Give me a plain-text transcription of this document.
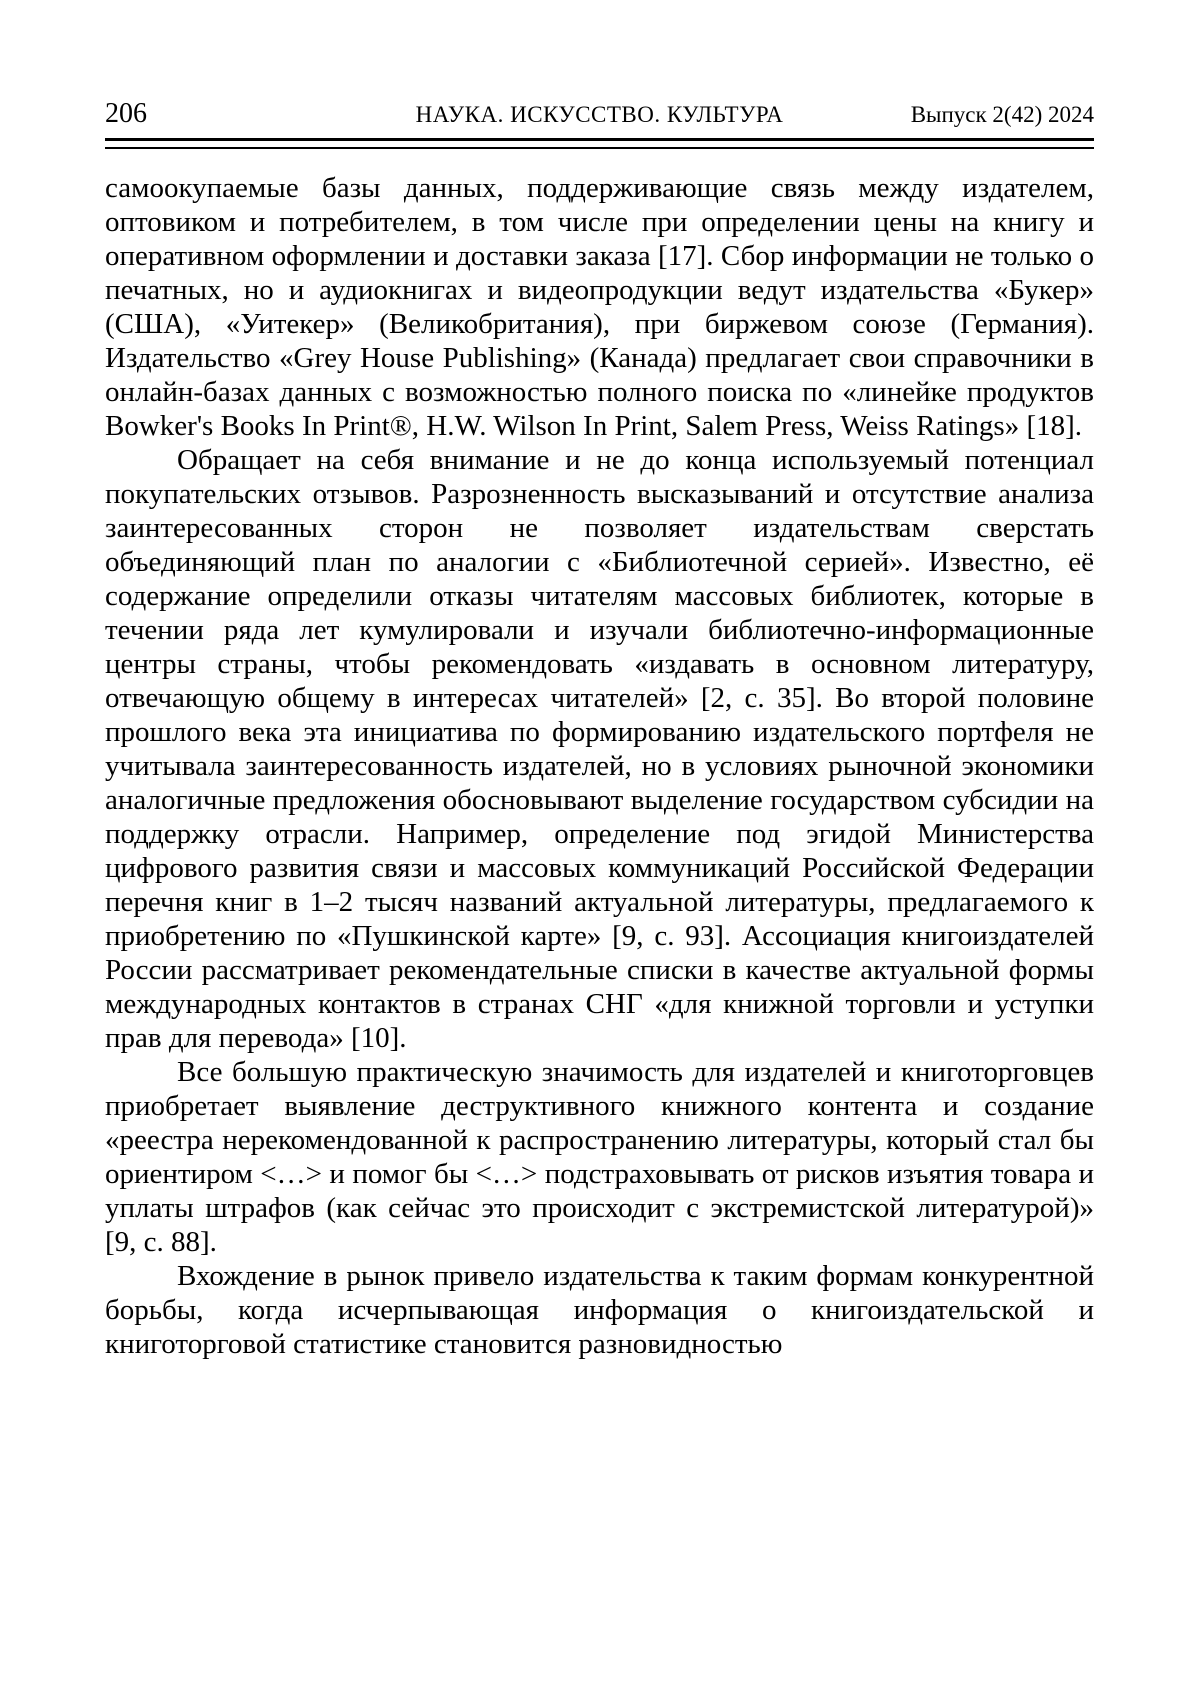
206	НАУКА. ИСКУССТВО. КУЛЬТУРА	Выпуск 2(42) 2024

самоокупаемые базы данных, поддерживающие связь между издателем, оптовиком и потребителем, в том числе при определении цены на книгу и оперативном оформлении и доставки заказа [17]. Сбор информации не только о печатных, но и аудиокнигах и видеопродукции ведут издательства «Букер» (США), «Уитекер» (Великобритания), при биржевом союзе (Германия). Издательство «Grey House Publishing» (Канада) предлагает свои справочники в онлайн-базах данных с возможностью полного поиска по «линейке продуктов Bowker's Books In Print®, H.W. Wilson In Print, Salem Press, Weiss Ratings» [18].

Обращает на себя внимание и не до конца используемый потенциал покупательских отзывов. Разрозненность высказываний и отсутствие анализа заинтересованных сторон не позволяет издательствам сверстать объединяющий план по аналогии с «Библиотечной серией». Известно, её содержание определили отказы читателям массовых библиотек, которые в течении ряда лет кумулировали и изучали библиотечно-информационные центры страны, чтобы рекомендовать «издавать в основном литературу, отвечающую общему в интересах читателей» [2, с. 35]. Во второй половине прошлого века эта инициатива по формированию издательского портфеля не учитывала заинтересованность издателей, но в условиях рыночной экономики аналогичные предложения обосновывают выделение государством субсидии на поддержку отрасли. Например, определение под эгидой Министерства цифрового развития связи и массовых коммуникаций Российской Федерации перечня книг в 1–2 тысяч названий актуальной литературы, предлагаемого к приобретению по «Пушкинской карте» [9, с. 93]. Ассоциация книгоиздателей России рассматривает рекомендательные списки в качестве актуальной формы международных контактов в странах СНГ «для книжной торговли и уступки прав для перевода» [10].

Все большую практическую значимость для издателей и книготорговцев приобретает выявление деструктивного книжного контента и создание «реестра нерекомендованной к распространению литературы, который стал бы ориентиром <…> и помог бы <…> подстраховывать от рисков изъятия товара и уплаты штрафов (как сейчас это происходит с экстремистской литературой)» [9, с. 88].

Вхождение в рынок привело издательства к таким формам конкурентной борьбы, когда исчерпывающая информация о книгоиздательской и книготорговой статистике становится разновидностью
